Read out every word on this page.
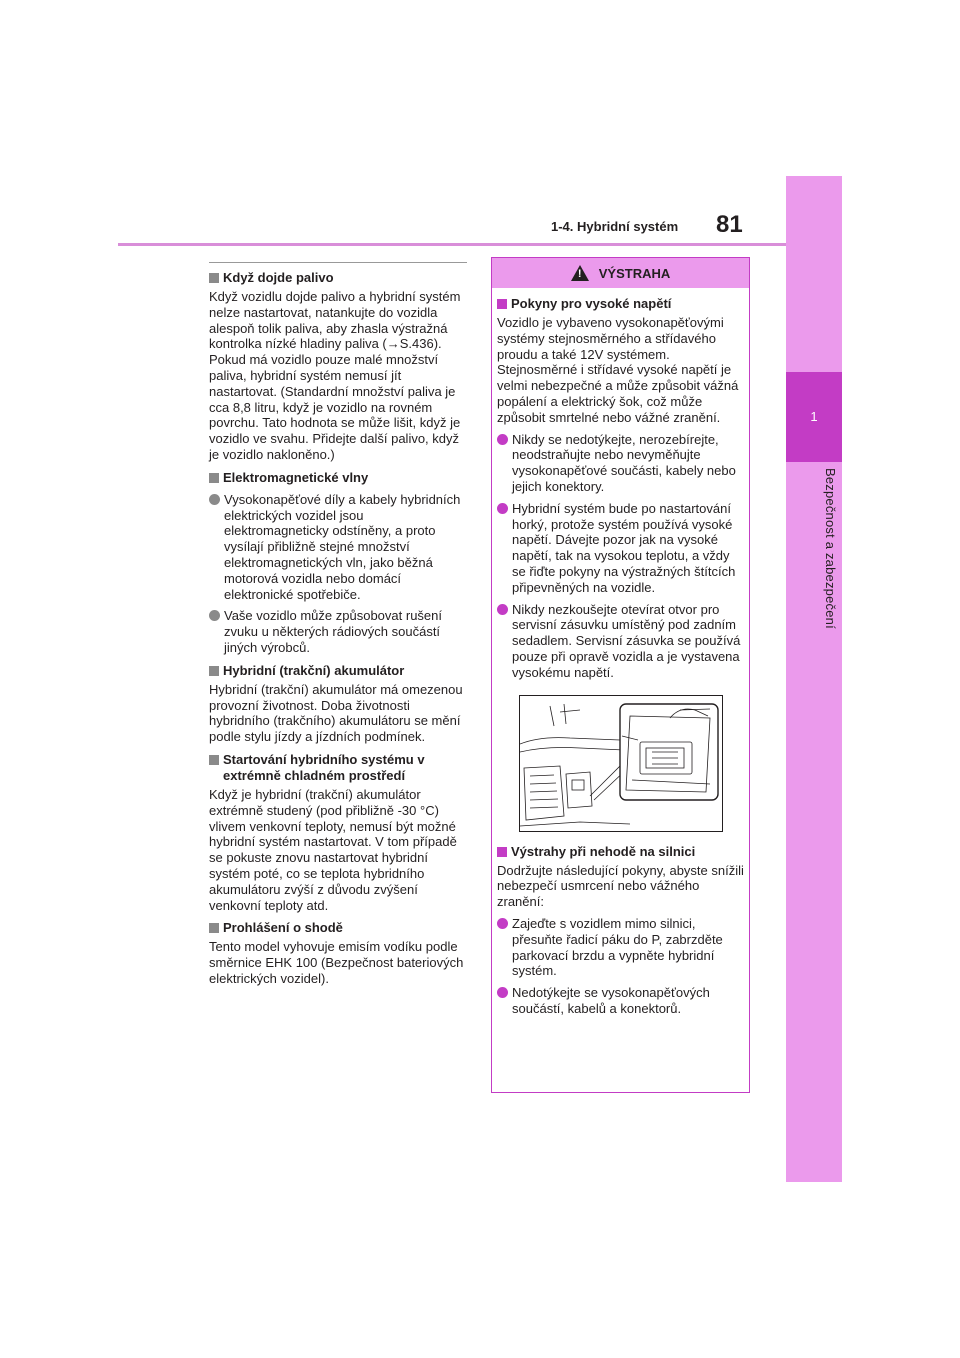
1
Bezpečnost a zabezpečení
1-4. Hybridní systém 81
Když dojde palivo
Když vozidlu dojde palivo a hybridní systém nelze nastartovat, natankujte do vozidla alespoň tolik paliva, aby zhasla výstražná kontrolka nízké hladiny paliva (→S.436). Pokud má vozidlo pouze malé množství paliva, hybridní systém nemusí jít nastartovat. (Standardní množství paliva je cca 8,8 litru, když je vozidlo na rovném povrchu. Tato hodnota se může lišit, když je vozidlo ve svahu. Přidejte další palivo, když je vozidlo nakloněno.)
Elektromagnetické vlny
Vysokonapěťové díly a kabely hybridních elektrických vozidel jsou elektromagneticky odstíněny, a proto vysílají přibližně stejné množství elektromagnetických vln, jako běžná motorová vozidla nebo domácí elektronické spotřebiče.
Vaše vozidlo může způsobovat rušení zvuku u některých rádiových součástí jiných výrobců.
Hybridní (trakční) akumulátor
Hybridní (trakční) akumulátor má omezenou provozní životnost. Doba životnosti hybridního (trakčního) akumulátoru se mění podle stylu jízdy a jízdních podmínek.
Startování hybridního systému v extrémně chladném prostředí
Když je hybridní (trakční) akumulátor extrémně studený (pod přibližně -30 °C) vlivem venkovní teploty, nemusí být možné hybridní systém nastartovat. V tom případě se pokuste znovu nastartovat hybridní systém poté, co se teplota hybridního akumulátoru zvýší z důvodu zvýšení venkovní teploty atd.
Prohlášení o shodě
Tento model vyhovuje emisím vodíku podle směrnice EHK 100 (Bezpečnost bateriových elektrických vozidel).
! VÝSTRAHA
Pokyny pro vysoké napětí
Vozidlo je vybaveno vysokonapěťovými systémy stejnosměrného a střídavého proudu a také 12V systémem. Stejnosměrné i střídavé vysoké napětí je velmi nebezpečné a může způsobit vážná popálení a elektrický šok, což může způsobit smrtelné nebo vážné zranění.
Nikdy se nedotýkejte, nerozebírejte, neodstraňujte nebo nevyměňujte vysokonapěťové součásti, kabely nebo jejich konektory.
Hybridní systém bude po nastartování horký, protože systém používá vysoké napětí. Dávejte pozor jak na vysoké napětí, tak na vysokou teplotu, a vždy se řiďte pokyny na výstražných štítcích připevněných na vozidle.
Nikdy nezkoušejte otevírat otvor pro servisní zásuvku umístěný pod zadním sedadlem. Servisní zásuvka se používá pouze při opravě vozidla a je vystavena vysokému napětí.
Výstrahy při nehodě na silnici
Dodržujte následující pokyny, abyste snížili nebezpečí usmrcení nebo vážného zranění:
Zajeďte s vozidlem mimo silnici, přesuňte řadicí páku do P, zabrzděte parkovací brzdu a vypněte hybridní systém.
Nedotýkejte se vysokonapěťových součástí, kabelů a konektorů.
